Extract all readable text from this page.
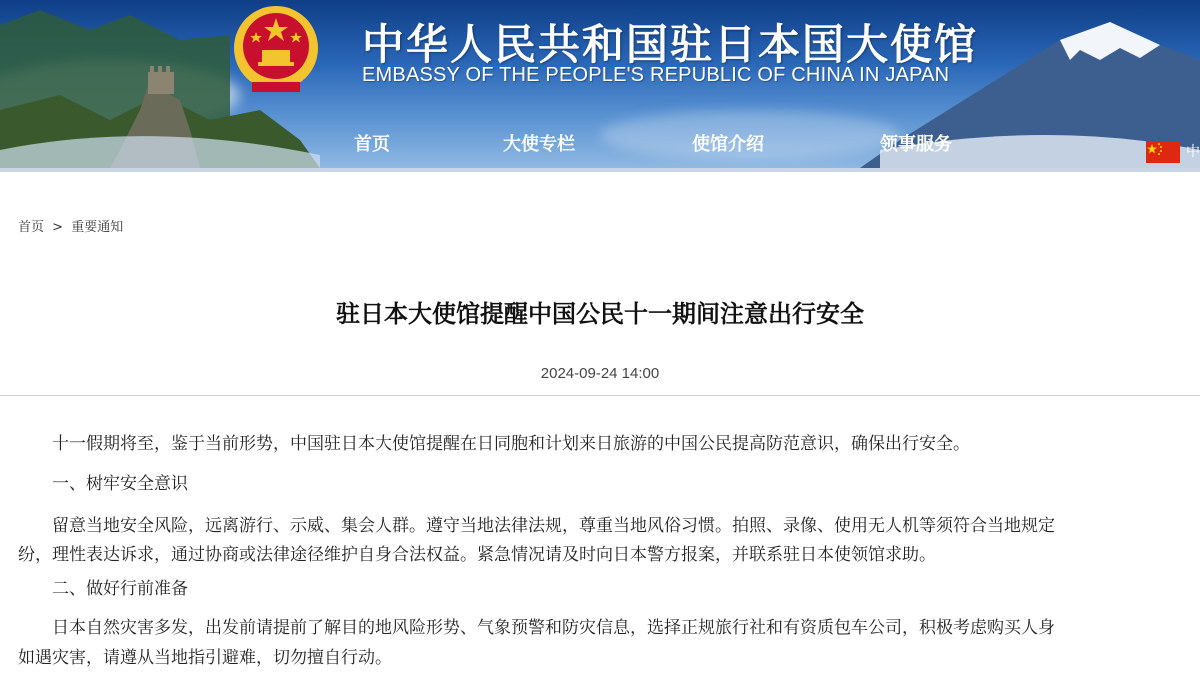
中华人民共和国驻日本国大使馆
EMBASSY OF THE PEOPLE'S REPUBLIC OF CHINA IN JAPAN
首页	大使专栏	使馆介绍	领事服务	中
首页 > 重要通知
驻日本大使馆提醒中国公民十一期间注意出行安全
2024-09-24 14:00
十一假期将至，鉴于当前形势，中国驻日本大使馆提醒在日同胞和计划来日旅游的中国公民提高防范意识，确保出行安全。
一、树牢安全意识
留意当地安全风险，远离游行、示威、集会人群。遵守当地法律法规，尊重当地风俗习惯。拍照、录像、使用无人机等须符合当地规定
纷，理性表达诉求，通过协商或法律途径维护自身合法权益。紧急情况请及时向日本警方报案，并联系驻日本使领馆求助。
二、做好行前准备
日本自然灾害多发，出发前请提前了解目的地风险形势、气象预警和防灾信息，选择正规旅行社和有资质包车公司，积极考虑购买人身
如遇灾害，请遵从当地指引避难，切勿擅自行动。
